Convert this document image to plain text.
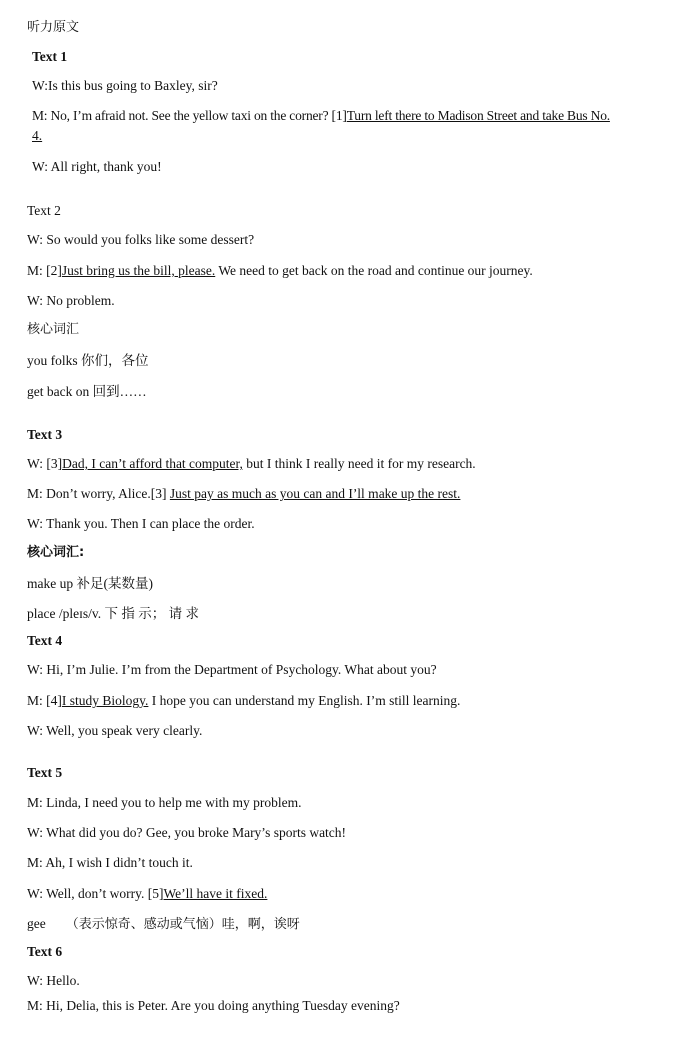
听力原文
Text 1
W:Is this bus going to Baxley, sir?
M: No, I’m afraid not. See the yellow taxi on the corner? [1]Turn left there to Madison Street and take Bus No.
4.
W: All right, thank you!
Text 2
W: So would you folks like some dessert?
M: [2]Just bring us the bill, please. We need to get back on the road and continue our journey.
W: No problem.
核心词汇
you folks 你们，各位
get back on 回到……
Text 3
W: [3]Dad, I can’t afford that computer, but I think I really need it for my research.
M: Don’t worry, Alice.[3] Just pay as much as you can and I’ll make up the rest.
W: Thank you. Then I can place the order.
核心词汇:
make up 补足(某数量)
place /pleɪs/v. 下 指 示； 请 求
Text 4
W: Hi, I’m Julie. I’m from the Department of Psychology. What about you?
M: [4]I study Biology. I hope you can understand my English. I’m still learning.
W: Well, you speak very clearly.
Text 5
M: Linda, I need you to help me with my problem.
W: What did you do? Gee, you broke Mary’s sports watch!
M: Ah, I wish I didn’t touch it.
W: Well, don’t worry. [5]We’ll have it fixed.
gee （表示惊奇、感动或气恼）哇，啊，诶呀
Text 6
W: Hello.
M: Hi, Delia, this is Peter. Are you doing anything Tuesday evening?
